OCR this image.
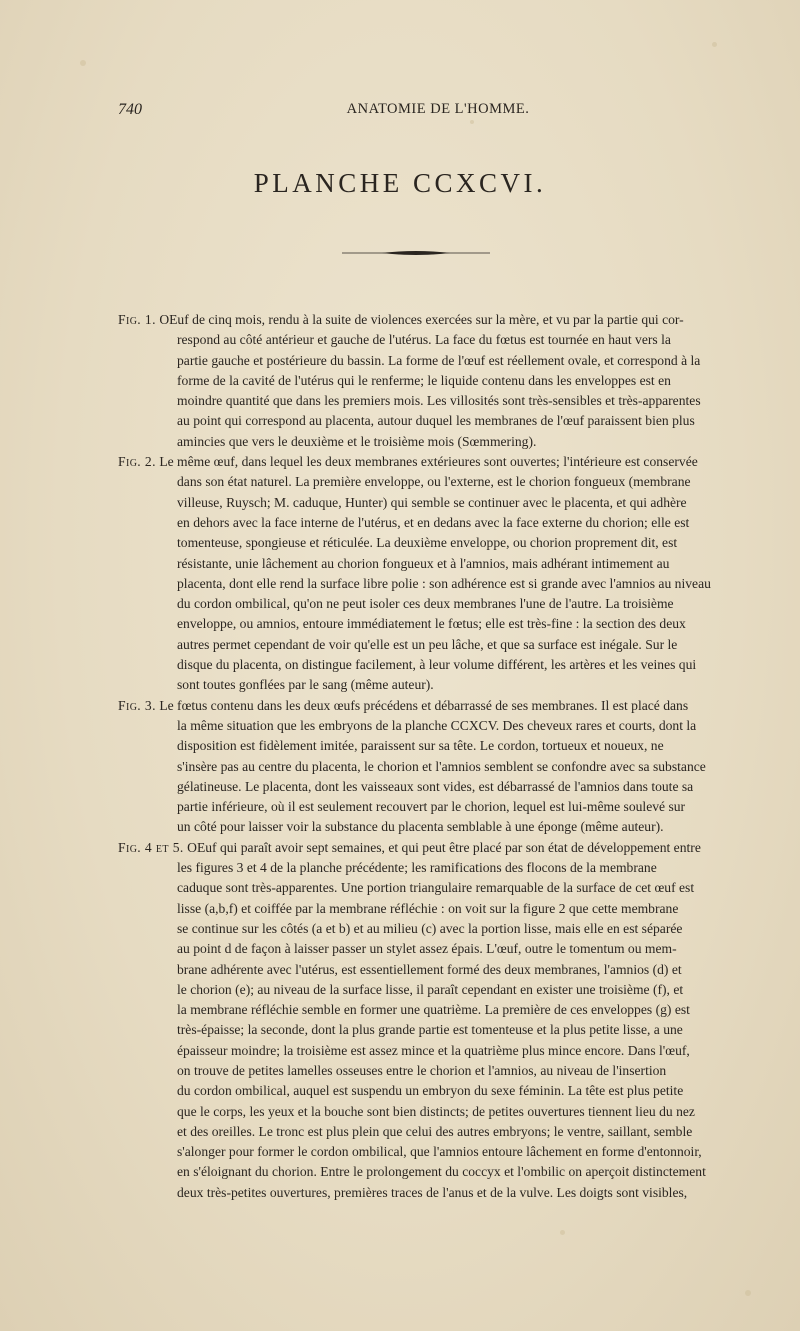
740	ANATOMIE DE L'HOMME.
PLANCHE CCXCVI.
Fig. 1. OEuf de cinq mois, rendu à la suite de violences exercées sur la mère, et vu par la partie qui cor-
respond au côté antérieur et gauche de l'utérus. La face du fœtus est tournée en haut vers la
partie gauche et postérieure du bassin. La forme de l'œuf est réellement ovale, et correspond à la
forme de la cavité de l'utérus qui le renferme; le liquide contenu dans les enveloppes est en
moindre quantité que dans les premiers mois. Les villosités sont très-sensibles et très-apparentes
au point qui correspond au placenta, autour duquel les membranes de l'œuf paraissent bien plus
amincies que vers le deuxième et le troisième mois (Sœmmering).
Fig. 2. Le même œuf, dans lequel les deux membranes extérieures sont ouvertes; l'intérieure est conservée
dans son état naturel. La première enveloppe, ou l'externe, est le chorion fongueux (membrane
villeuse, Ruysch; M. caduque, Hunter) qui semble se continuer avec le placenta, et qui adhère
en dehors avec la face interne de l'utérus, et en dedans avec la face externe du chorion; elle est
tomenteuse, spongieuse et réticulée. La deuxième enveloppe, ou chorion proprement dit, est
résistante, unie lâchement au chorion fongueux et à l'amnios, mais adhérant intimement au
placenta, dont elle rend la surface libre polie : son adhérence est si grande avec l'amnios au niveau
du cordon ombilical, qu'on ne peut isoler ces deux membranes l'une de l'autre. La troisième
enveloppe, ou amnios, entoure immédiatement le fœtus; elle est très-fine : la section des deux
autres permet cependant de voir qu'elle est un peu lâche, et que sa surface est inégale. Sur le
disque du placenta, on distingue facilement, à leur volume différent, les artères et les veines qui
sont toutes gonflées par le sang (même auteur).
Fig. 3. Le fœtus contenu dans les deux œufs précédens et débarrassé de ses membranes. Il est placé dans
la même situation que les embryons de la planche CCXCV. Des cheveux rares et courts, dont la
disposition est fidèlement imitée, paraissent sur sa tête. Le cordon, tortueux et noueux, ne
s'insère pas au centre du placenta, le chorion et l'amnios semblent se confondre avec sa substance
gélatineuse. Le placenta, dont les vaisseaux sont vides, est débarrassé de l'amnios dans toute sa
partie inférieure, où il est seulement recouvert par le chorion, lequel est lui-même soulevé sur
un côté pour laisser voir la substance du placenta semblable à une éponge (même auteur).
Fig. 4 et 5. OEuf qui paraît avoir sept semaines, et qui peut être placé par son état de développement entre
les figures 3 et 4 de la planche précédente; les ramifications des flocons de la membrane
caduque sont très-apparentes. Une portion triangulaire remarquable de la surface de cet œuf est
lisse (a,b,f) et coiffée par la membrane réfléchie : on voit sur la figure 2 que cette membrane
se continue sur les côtés (a et b) et au milieu (c) avec la portion lisse, mais elle en est séparée
au point d de façon à laisser passer un stylet assez épais. L'œuf, outre le tomentum ou mem-
brane adhérente avec l'utérus, est essentiellement formé des deux membranes, l'amnios (d) et
le chorion (e); au niveau de la surface lisse, il paraît cependant en exister une troisième (f), et
la membrane réfléchie semble en former une quatrième. La première de ces enveloppes (g) est
très-épaisse; la seconde, dont la plus grande partie est tomenteuse et la plus petite lisse, a une
épaisseur moindre; la troisième est assez mince et la quatrième plus mince encore. Dans l'œuf,
on trouve de petites lamelles osseuses entre le chorion et l'amnios, au niveau de l'insertion
du cordon ombilical, auquel est suspendu un embryon du sexe féminin. La tête est plus petite
que le corps, les yeux et la bouche sont bien distincts; de petites ouvertures tiennent lieu du nez
et des oreilles. Le tronc est plus plein que celui des autres embryons; le ventre, saillant, semble
s'alonger pour former le cordon ombilical, que l'amnios entoure lâchement en forme d'entonnoir,
en s'éloignant du chorion. Entre le prolongement du coccyx et l'ombilic on aperçoit distinctement
deux très-petites ouvertures, premières traces de l'anus et de la vulve. Les doigts sont visibles,
